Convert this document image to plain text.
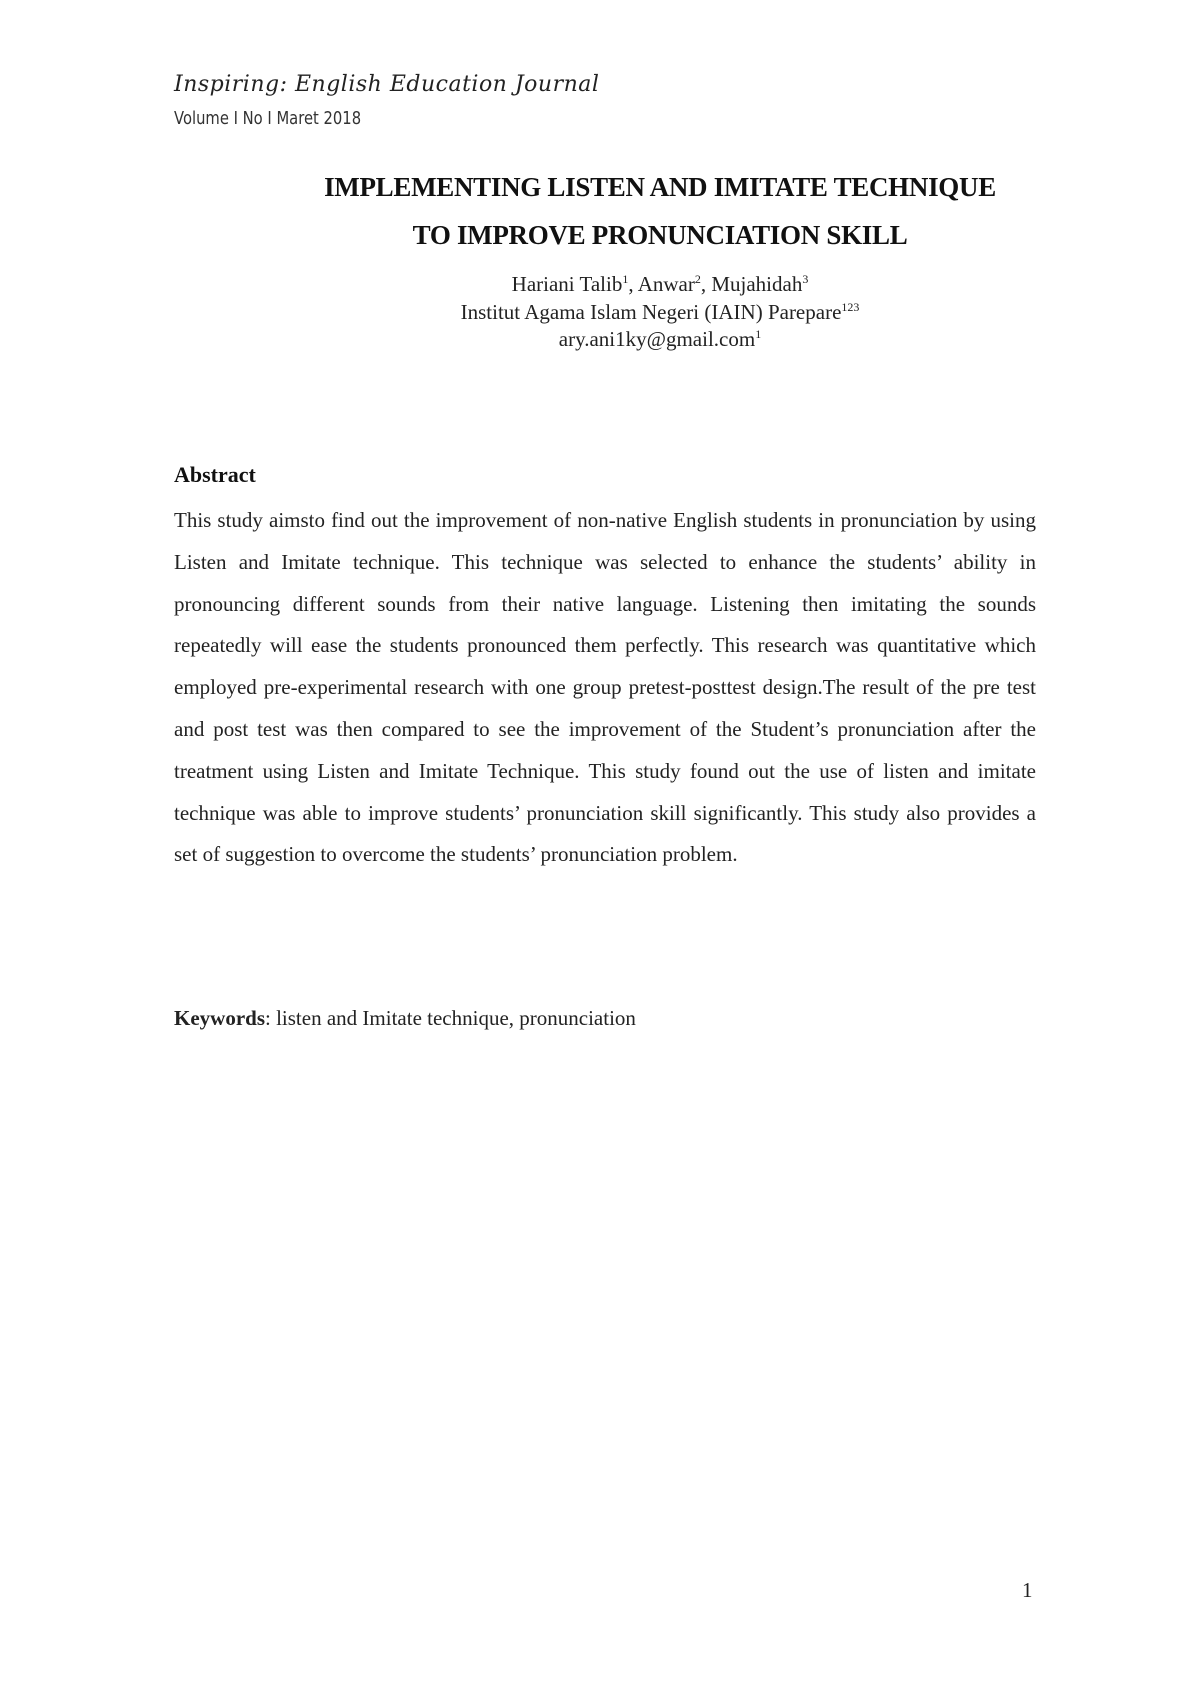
Inspiring: English Education Journal
Volume I No I Maret 2018
IMPLEMENTING LISTEN AND IMITATE TECHNIQUE
TO IMPROVE PRONUNCIATION SKILL
Hariani Talib$^1$, Anwar$^2$, Mujahidah$^3$
Institut Agama Islam Negeri (IAIN) Parepare$^{123}$
ary.ani1ky@gmail.com$^1$
Abstract
This study aimsto find out the improvement of non-native English students in pronunciation by using Listen and Imitate technique. This technique was selected to enhance the students’ ability in pronouncing different sounds from their native language. Listening then imitating the sounds repeatedly will ease the students pronounced them perfectly. This research was quantitative which employed pre-experimental research with one group pretest-posttest design.The result of the pre test and post test was then compared to see the improvement of the Student’s pronunciation after the treatment using Listen and Imitate Technique. This study found out the use of listen and imitate technique was able to improve students’ pronunciation skill significantly. This study also provides a set of suggestion to overcome the students’ pronunciation problem.
Keywords: listen and Imitate technique, pronunciation
1
